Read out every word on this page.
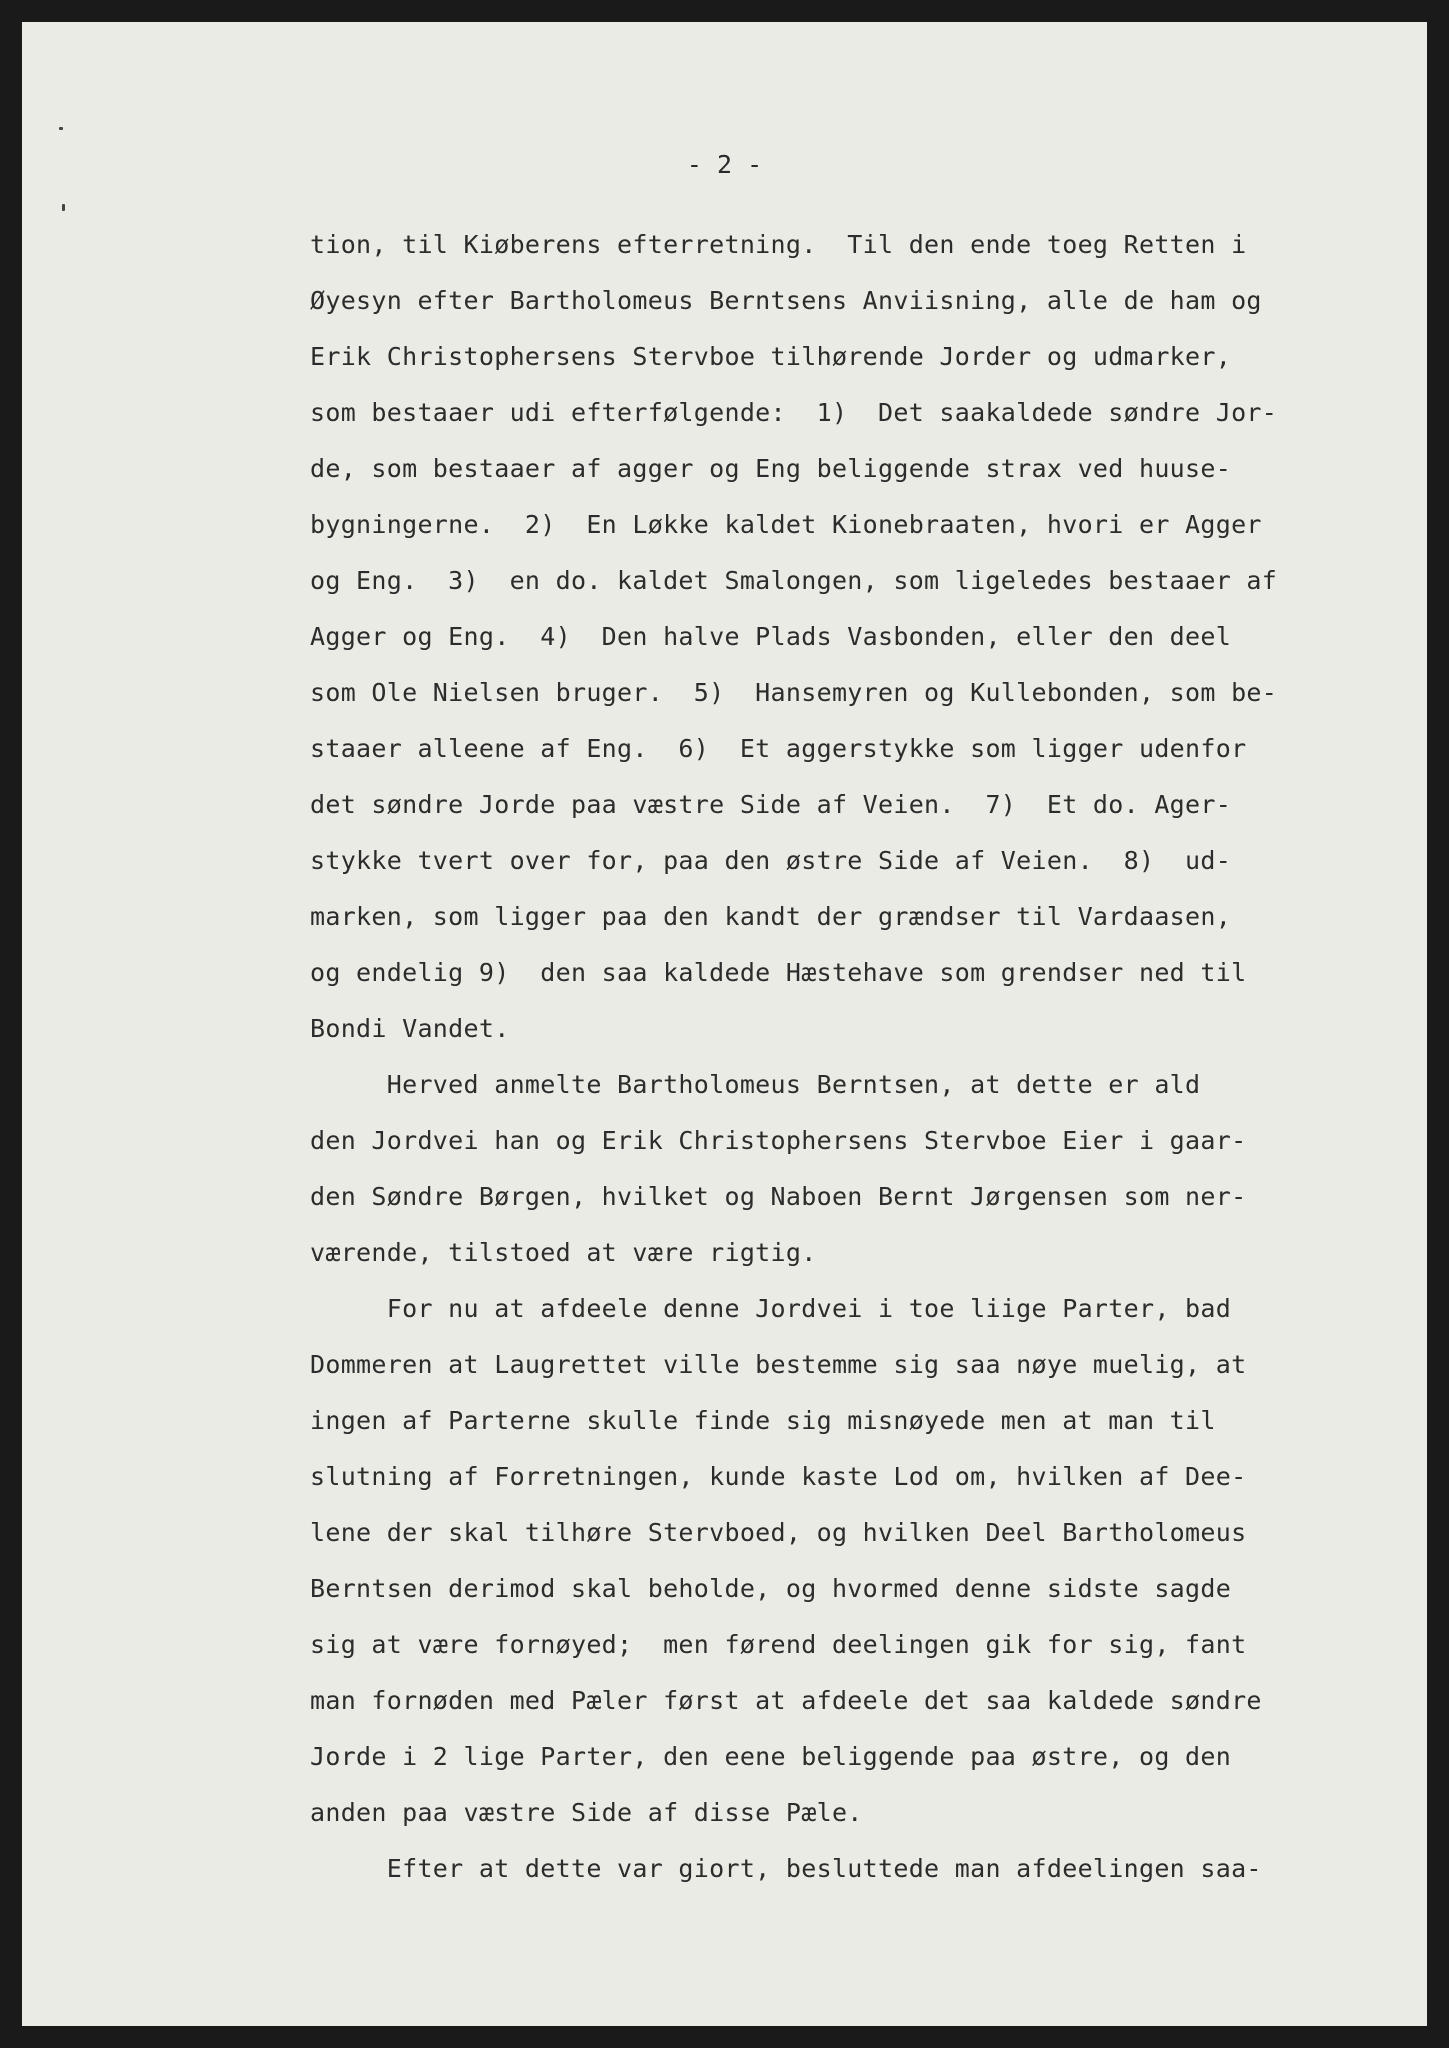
- 2 -
tion, til Kiøberens efterretning.  Til den ende toeg Retten i
Øyesyn efter Bartholomeus Berntsens Anviisning, alle de ham og
Erik Christophersens Stervboe tilhørende Jorder og udmarker,
som bestaaer udi efterfølgende:  1)  Det saakaldede søndre Jor-
de, som bestaaer af agger og Eng beliggende strax ved huuse-
bygningerne.  2)  En Løkke kaldet Kionebraaten, hvori er Agger
og Eng.  3)  en do. kaldet Smalongen, som ligeledes bestaaer af
Agger og Eng.  4)  Den halve Plads Vasbonden, eller den deel
som Ole Nielsen bruger.  5)  Hansemyren og Kullebonden, som be-
staaer alleene af Eng.  6)  Et aggerstykke som ligger udenfor
det søndre Jorde paa væstre Side af Veien.  7)  Et do. Ager-
stykke tvert over for, paa den østre Side af Veien.  8)  ud-
marken, som ligger paa den kandt der grændser til Vardaasen,
og endelig 9)  den saa kaldede Hæstehave som grendser ned til
Bondi Vandet.
Herved anmelte Bartholomeus Berntsen, at dette er ald
den Jordvei han og Erik Christophersens Stervboe Eier i gaar-
den Søndre Børgen, hvilket og Naboen Bernt Jørgensen som ner-
værende, tilstoed at være rigtig.
For nu at afdeele denne Jordvei i toe liige Parter, bad
Dommeren at Laugrettet ville bestemme sig saa nøye muelig, at
ingen af Parterne skulle finde sig misnøyede men at man til
slutning af Forretningen, kunde kaste Lod om, hvilken af Dee-
lene der skal tilhøre Stervboed, og hvilken Deel Bartholomeus
Berntsen derimod skal beholde, og hvormed denne sidste sagde
sig at være fornøyed;  men førend deelingen gik for sig, fant
man fornøden med Pæler først at afdeele det saa kaldede søndre
Jorde i 2 lige Parter, den eene beliggende paa østre, og den
anden paa væstre Side af disse Pæle.
Efter at dette var giort, besluttede man afdeelingen saa-
